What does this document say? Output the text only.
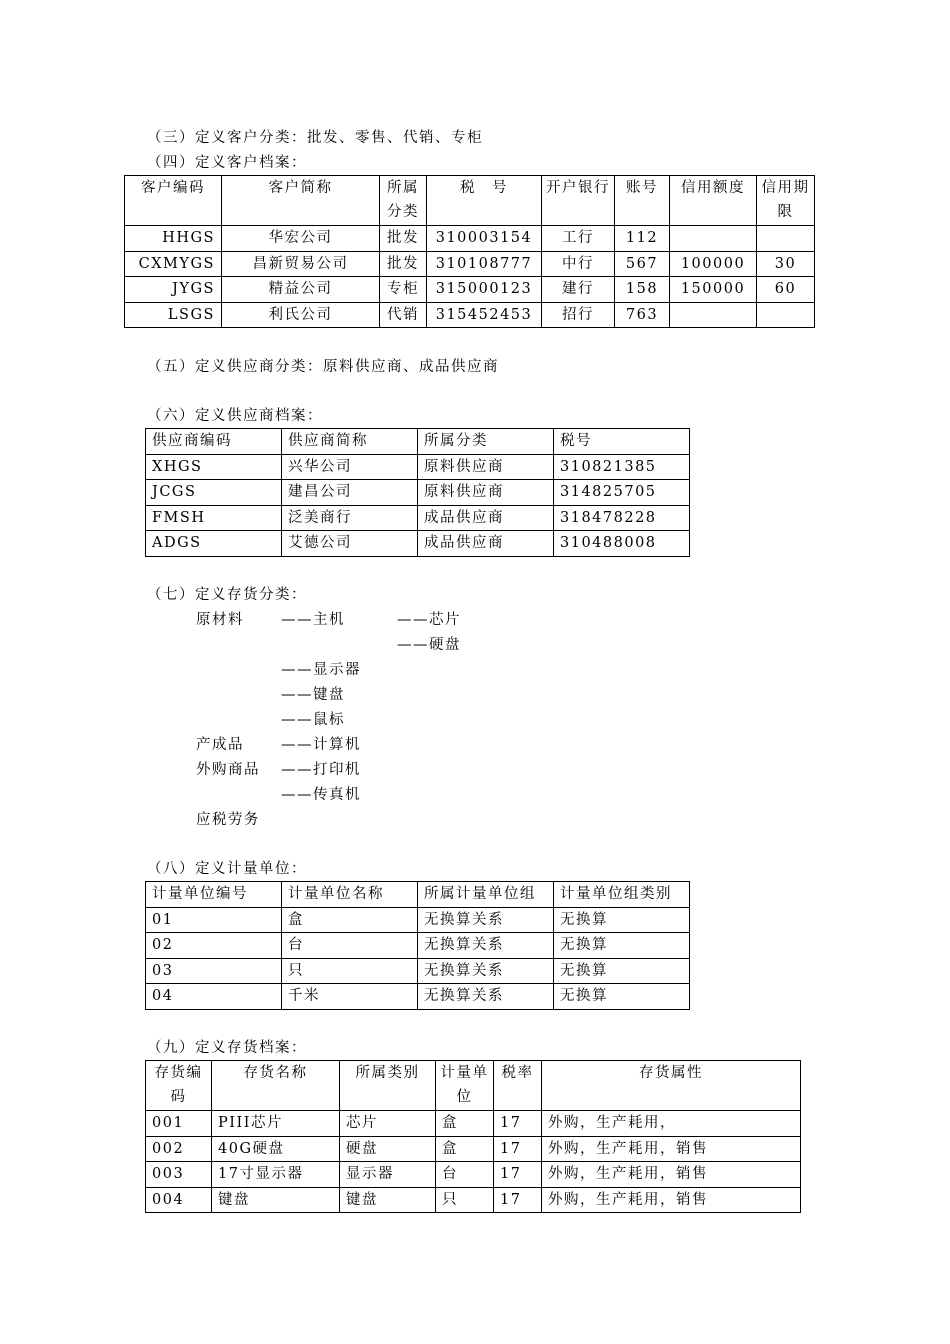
（三）定义客户分类：批发、零售、代销、专柜
（四）定义客户档案：
客户编码	客户简称	所属分类	税　号	开户银行	账号	信用额度	信用期限
HHGS	华宏公司	批发	310003154	工行	112		
CXMYGS	昌新贸易公司	批发	310108777	中行	567	100000	30
JYGS	精益公司	专柜	315000123	建行	158	150000	60
LSGS	利氏公司	代销	315452453	招行	763		
（五）定义供应商分类：原料供应商、成品供应商
（六）定义供应商档案：
供应商编码	供应商简称	所属分类	税号
XHGS	兴华公司	原料供应商	310821385
JCGS	建昌公司	原料供应商	314825705
FMSH	泛美商行	成品供应商	318478228
ADGS	艾德公司	成品供应商	310488008
（七）定义存货分类：
原材料	——主机	——芯片
——硬盘
——显示器
——键盘
——鼠标
产成品	——计算机
外购商品 ——打印机
——传真机
应税劳务
（八）定义计量单位：
计量单位编号	计量单位名称	所属计量单位组	计量单位组类别
01	盒	无换算关系	无换算
02	台	无换算关系	无换算
03	只	无换算关系	无换算
04	千米	无换算关系	无换算
（九）定义存货档案：
存货编码	存货名称	所属类别	计量单位	税率	存货属性
001	PIII芯片	芯片	盒	17	外购，生产耗用，
002	40G硬盘	硬盘	盒	17	外购，生产耗用，销售
003	17寸显示器	显示器	台	17	外购，生产耗用，销售
004	键盘	键盘	只	17	外购，生产耗用，销售
